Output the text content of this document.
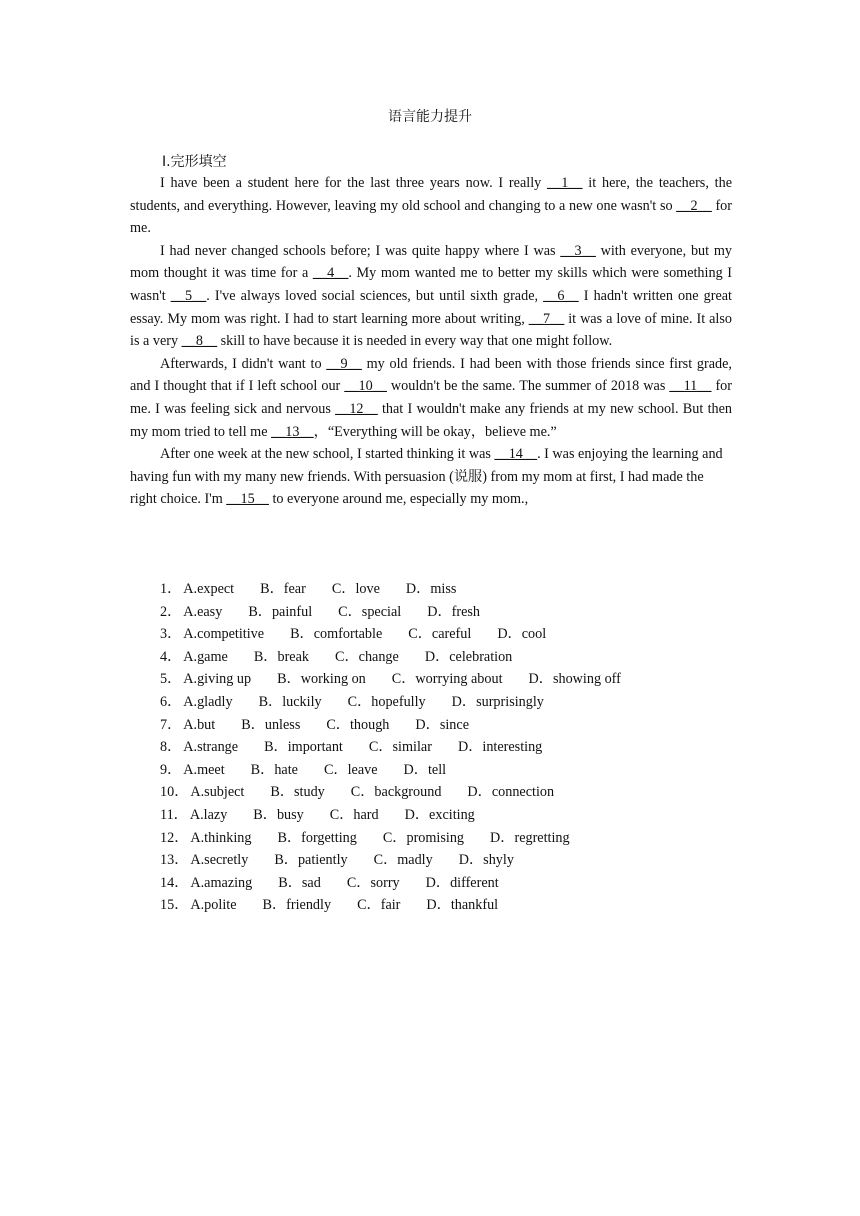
语言能力提升
Ⅰ.完形填空

I have been a student here for the last three years now. I really __1__ it here, the teachers, the students, and everything. However, leaving my old school and changing to a new one wasn't so __2__ for me.

I had never changed schools before; I was quite happy where I was __3__ with everyone, but my mom thought it was time for a __4__. My mom wanted me to better my skills which were something I wasn't __5__. I've always loved social sciences, but until sixth grade, __6__ I hadn't written one great essay. My mom was right. I had to start learning more about writing, __7__ it was a love of mine. It also is a very __8__ skill to have because it is needed in every way that one might follow.

Afterwards, I didn't want to __9__ my old friends. I had been with those friends since first grade, and I thought that if I left school our __10__ wouldn't be the same. The summer of 2018 was __11__ for me. I was feeling sick and nervous __12__ that I wouldn't make any friends at my new school. But then my mom tried to tell me __13__，“Everything will be okay，believe me.”

After one week at the new school, I started thinking it was __14__. I was enjoying the learning and having fun with my many new friends. With persuasion (说服) from my mom at first, I had made the right choice. I'm __15__ to everyone around me, especially my mom.,

1． A.expect B．fear C．love D．miss
2． A.easy B．painful C．special D．fresh
3． A.competitive B．comfortable C．careful D．cool
4． A.game B．break C．change D．celebration
5． A.giving up B．working on C．worrying about D．showing off
6． A.gladly B．luckily C．hopefully D．surprisingly
7． A.but B．unless C．though D．since
8． A.strange B．important C．similar D．interesting
9． A.meet B．hate C．leave D．tell
10． A.subject B．study C．background D．connection
11． A.lazy B．busy C．hard D．exciting
12． A.thinking B．forgetting C．promising D．regretting
13． A.secretly B．patiently C．madly D．shyly
14． A.amazing B．sad C．sorry D．different
15． A.polite B．friendly C．fair D．thankful
